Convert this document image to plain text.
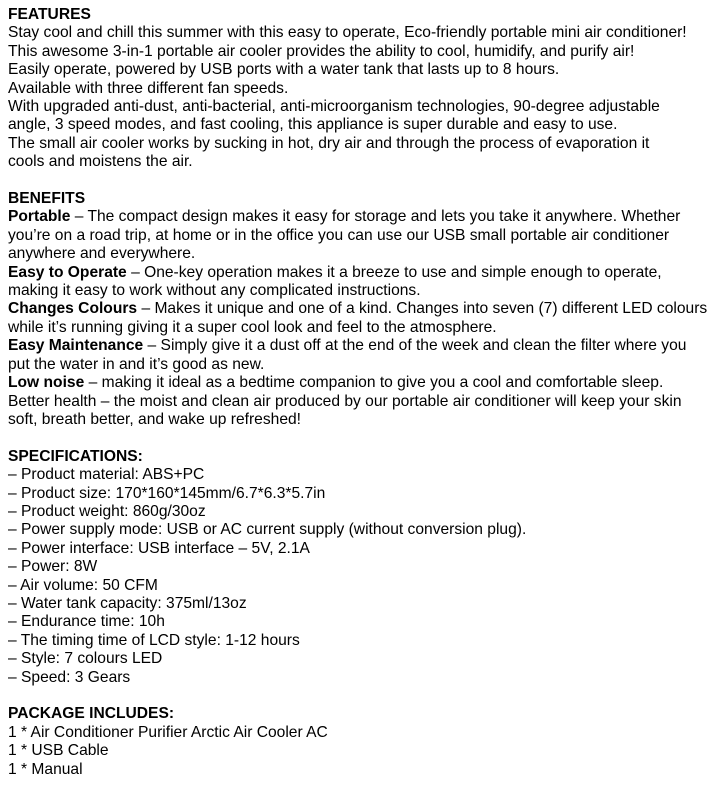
FEATURES
Stay cool and chill this summer with this easy to operate, Eco-friendly portable mini air conditioner!
This awesome 3-in-1 portable air cooler provides the ability to cool, humidify, and purify air!
Easily operate, powered by USB ports with a water tank that lasts up to 8 hours.
Available with three different fan speeds.
With upgraded anti-dust, anti-bacterial, anti-microorganism technologies, 90-degree adjustable
angle, 3 speed modes, and fast cooling, this appliance is super durable and easy to use.
The small air cooler works by sucking in hot, dry air and through the process of evaporation it
cools and moistens the air.
BENEFITS

Portable – The compact design makes it easy for storage and lets you take it anywhere. Whether you’re on a road trip, at home or in the office you can use our USB small portable air conditioner anywhere and everywhere.

Easy to Operate – One-key operation makes it a breeze to use and simple enough to operate, making it easy to work without any complicated instructions.

Changes Colours – Makes it unique and one of a kind. Changes into seven (7) different LED colours while it’s running giving it a super cool look and feel to the atmosphere.

Easy Maintenance – Simply give it a dust off at the end of the week and clean the filter where you put the water in and it’s good as new.

Low noise – making it ideal as a bedtime companion to give you a cool and comfortable sleep.

Better health – the moist and clean air produced by our portable air conditioner will keep your skin soft, breath better, and wake up refreshed!

SPECIFICATIONS:
– Product material: ABS+PC
– Product size: 170*160*145mm/6.7*6.3*5.7in
– Product weight: 860g/30oz
– Power supply mode: USB or AC current supply (without conversion plug).
– Power interface: USB interface – 5V, 2.1A
– Power: 8W
– Air volume: 50 CFM
– Water tank capacity: 375ml/13oz
– Endurance time: 10h
– The timing time of LCD style: 1-12 hours
– Style: 7 colours LED
– Speed: 3 Gears
PACKAGE INCLUDES:
1 * Air Conditioner Purifier Arctic Air Cooler AC
1 * USB Cable
1 * Manual
